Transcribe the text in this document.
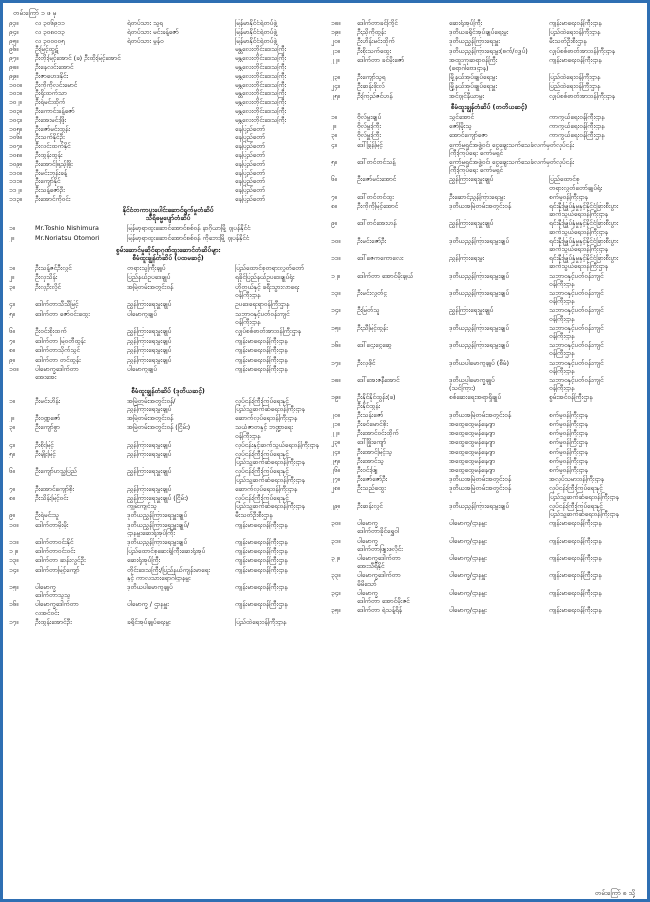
တမ်းကြော် ၁ ဖ မှ
၉၃။	လ ၃၀၆၉၁၁	ရဲတပ်သား သူရ	မြန်မာနိုင်ငံရဲတပ်ဖွဲ့
၉၄။	လ ၃၀၈၀၁၃	ရဲတပ်သား မင်းခန့်ဇော်	မြန်မာနိုင်ငံရဲတပ်ဖွဲ့
၉၅။	လ ၃၀၀၀၀၅	ရဲတပ်သား မွန်ဝ	မြန်မာနိုင်ငံရဲတပ်ဖွဲ့
၉၆။	ဦးမြင့်ထွဋ်	မန္တလေးတိုင်းဒေသကြီး
၉၇။	ဦးတိုးမြင့်အောင် (ခ) ဦးထိုးမြင့်အောင်	မန္တလေးတိုင်းဒေသကြီး
၉၈။	ဦးနေလင်းအောင်	မန္တလေးတိုင်းဒေသကြီး
၉၉။	ဦးဇာဟေဒနိုင်း	မန္တလေးတိုင်းဒေသကြီး
၁၀၀။	ဦးကိုကိုလင်းမောင်	မန္တလေးတိုင်းဒေသကြီး
၁၀၁။	ဦးရိုးထက်သာ	မန္တလေးတိုင်းဒေသကြီး
၁၀၂။	ဦးရဲမင်းထိုက်	မန္တလေးတိုင်းဒေသကြီး
၁၀၃။	ဦးကောင်းခန့်ဇော်	မန္တလေးတိုင်းဒေသကြီး
၁၀၄။	ဦးအေးမင်းဖြိုး	မန္တလေးတိုင်းဒေသကြီး
၁၀၅။	ဦးဇော်မင်းထွန်း	နေပြည်တော်
၁၀၆။	ဦးသက်နိုင်ဦး	နေပြည်တော်
၁၀၇။	ဦးလင်းထက်နိုင်	နေပြည်တော်
၁၀၈။	ဦးထွန်းထွန်း	နေပြည်တော်
၁၀၉။	ဦးအောင်ဖြည့်ဖြိုး	နေပြည်တော်
၁၁၀။	ဦးမင်းဘုန်းခန့်	နေပြည်တော်
၁၁၁။	ဦးကျော်နိုင်	နေပြည်တော်
၁၁၂။	ဦးသန့်ဇော်ဦး	နေပြည်တော်
၁၁၃။	ဦးအောင်ကိုဝင်း	နေပြည်တော်
နိုင်ငံတကာပူးပေါင်းဆောင်ရွက်မှုတံဆိပ်
သီရိဓမ္မပျော်တံဆိပ်
၁။	Mr.Toshio Nishimura	မြန်မာ့ရာထူးဆောင်အောင်စစ်ဝန် နာဂိုယာမြို့ ဂျပန်နိုင်ငံ
၂။	Mr.Noriatsu Otomori	မြန်မာ့ရာထူးဆောင်အောင်စစ်ဝန် ကိုဘေးမြို့ ဂျပန်နိုင်ငံ
စွမ်းဆောင်မှုဆိုင်ရာဂုဏ်ထူးဆောင်တံဆိပ်များ
စီမံထူးချွန်တံဆိပ် (ပထမဆင့်)
၁။	ဦးသန့်ဇင်ဦးလွင်	တရားသူကြီးချုပ်	ပြည်ထောင်စုတရားလွှတ်တော်
၂။	ဦးလှသိန်း	ပြည်နယ်ဥပဒေချုပ်	ရခိုင်ပြည်နယ်ဥပဒေချုပ်ရုံး
၃။	ဦးလှဦးလှိုင်	အမြဲတမ်းအတွင်းဝန်	ဟိုတယ်နှင့် ခရီးသွားလာရေး
ဝန်ကြီးဌာန
၄။	ဒေါက်တာသီသီမြင့်	ညွှန်ကြားရေးမှူးချုပ်	ဥပဒေရေးရာဝန်ကြီးဌာန
၅။	ဒေါက်တာ ဇော်ဝင်းထွေး	ပါမောက္ခချုပ်	သဘာဝနှင့်ပတ်ဝန်းကျင်
ဝန်ကြီးဌာန
၆။	ဦးဝင်းစိုးထက်	ညွှန်ကြားရေးမှူးချုပ်	လျှပ်စစ်ဓာတ်အားဝန်ကြီးဌာန
၇။	ဒေါက်တာ မြဝတီထွန်း	ညွှန်ကြားရေးမှူးချုပ်	ကျန်းမာရေးဝန်ကြီးဌာန
၈။	ဒေါက်တာသိုက်သွင်	ညွှန်ကြားရေးမှူးချုပ်	ကျန်းမာရေးဝန်ကြီးဌာန
၉။	ဒေါက်တာ တင်ထွန်း	ညွှန်ကြားရေးမှူးချုပ်	ကျန်းမာရေးဝန်ကြီးဌာန
၁၀။	ပါမောက္ခဒေါက်တာ
အေးအေး
ပါမောက္ခချုပ်	ကျန်းမာရေးဝန်ကြီးဌာန
စီမံထူးချွန်တံဆိပ် (ဒုတိယဆင့်)
၁။	ဦးမင်းဟိန်း	အမြဲတမ်းအတွင်းဝန်/
ညွှန်ကြားရေးမှူးချုပ်
လုပ်ငန်းကြီးကြပ်ရေးနှင့်
ပြည်သူ့ဆက်ဆံရေးဝန်ကြီးဌာန
၂။	ဦးဝဏ္ဏဇော်	အမြဲတမ်းအတွင်းဝန်	ဆောက်လုပ်ရေးဝန်ကြီးဌာန
၃။	ဦးကျော်စွာ	အမြဲတမ်းအတွင်းဝန် (ငြိမ်း)	သယံဇာတနှင့် ဘဏ္ဍာရေး
ဝန်ကြီးဌာန
၄။	ဦးစိုးမြင့်	ညွှန်ကြားရေးမှူးချုပ်	လုပ်ငန်းနှင့်ဆက်သွယ်ရေးဝန်ကြီးဌာန
၅။	ဦးမျိုးမြင့်	ညွှန်ကြားရေးမှူးချုပ်	လုပ်ငန်းကြီးကြပ်ရေးနှင့်
ပြည်သူ့ဆက်ဆံရေးဝန်ကြီးဌာန
၆။	ဦးကျော်ဟသ္သပြည်	ညွှန်ကြားရေးမှူးချုပ်	လုပ်ငန်းကြီးကြပ်ရေးနှင့်
ပြည်သူ့ဆက်ဆံရေးဝန်ကြီးဌာန
၇။	ဦးအောင်ကျော်စိုး	ညွှန်ကြားရေးမှူးချုပ်	ဆောက်လုပ်ရေးဝန်ကြီးဌာန
၈။	ဦးသိန်းမြင့်ဝင်း	ညွှန်ကြားရေးမှူးချုပ် (ငြိမ်း)
ကျွမ်းကျင်သူ
လုပ်ငန်းကြီးကြပ်ရေးနှင့်
ပြည်သူ့ဆက်ဆံရေးဝန်ကြီးဌာန
၉။	ဦးရဲမင်းသူ	ဒုတိယညွှန်ကြားရေးမှူးချုပ်	မီးသတ်ဦးစီးဌာန
၁၀။	ဒေါက်တာမိုးမိုး	ဒုတိယညွှန်ကြားရေးမှူးချုပ်/
ဌာနမှူးဆေးရုံအုပ်ကြီး
ကျန်းမာရေးဝန်ကြီးဌာန
၁၁။	ဒေါက်တာဝင်းနိုင်	ဒုတိယညွှန်ကြားရေးမှူးချုပ်	ကျန်းမာရေးဝန်ကြီးဌာန
၁၂။	ဒေါက်တာဝင်းဝင်း	ပြည်ထောင်စုဆေးရုံကြီးဆေးရုံအုပ်	ကျန်းမာရေးဝန်ကြီးဌာန
၁၃။	ဒေါက်တာ ဆန်းလွင်ဦး	ဆေးရုံအုပ်ကြီး	ကျန်းမာရေးဝန်ကြီးဌာန
၁၄။	ဒေါက်တာမြင့်ကျော်	တိုင်းဒေသကြီး/ပြည်နယ်ကျန်းမာရေး
နှင့် ကာလသားရောဂါဌာနမှူး
ကျန်းမာရေးဝန်ကြီးဌာန
၁၅။	ပါမောက္ခ
ဒေါက်တာသူသူ
ဒုတိယပါမောက္ခချုပ်	ကျန်းမာရေးဝန်ကြီးဌာန
၁၆။	ပါမောက္ခဒေါက်တာ
လအင်ဝင်း
ပါမောက္ခ / ဌာနမှူး	ကျန်းမာရေးဝန်ကြီးဌာန
၁၇။	ဦးထွန်းအောင်ဦး	ခရိုင်အုပ်ချုပ်ရေးမှူး	ပြည်ထဲရေးဝန်ကြီးဌာန
၁၈။	ဒေါက်တာခင်ကြိုင်	ဆေးရုံအုပ်ကြီး	ကျန်းမာရေးဝန်ကြီးဌာန
၁၉။	ဦးညိုကိုထွန်း	ဒုတိယခရိုင်အုပ်ချုပ်ရေးမှူး	ပြည်ထဲရေးဝန်ကြီးဌာန
၂၀။	ဦးဟိန်းမင်းထိုက်	ဒုတိယညွှန်ကြားရေးမှူး	မီးသတ်ဦးစီးဌာန
၂၁။	ဦးစိုးသက်ထွေး	ဒုတိယညွှန်ကြားရေးမှူး(စက်/လျှပ်)	လျှပ်စစ်ဓာတ်အားဝန်ကြီးဌာန
၂၂။	ဒေါက်တာ ခင်မိုးဇော်	အထူးကုဆရာဝန်ကြီး
(ရောဂါဗေဒဌာန)
ကျန်းမာရေးဝန်ကြီးဌာန
၂၃။	ဦးကျော်သူရ	မြို့နယ်အုပ်ချုပ်ရေးမှူး	ပြည်ထဲရေးဝန်ကြီးဌာန
၂၄။	ဦးဆန်းဖိုးလ်	မြို့နယ်အုပ်ချုပ်ရေးမှူး	ပြည်ထဲရေးဝန်ကြီးဌာန
၂၅။	ဦးကြည်ဇင်ဟန်	အင်ဂျင်နီယာမှူး	လျှပ်စစ်ဓာတ်အားဝန်ကြီးဌာန
စီမံထူးချွန်တံဆိပ် (တတိယဆင့်)
၁။	ဗိုလ်မှူးချုပ်	သွင်အောင်	ကာကွယ်ရေးဝန်ကြီးဌာန
၂။	ဗိုလ်မှူးကြီး	ဇော်မြိုးသူ	ကာကွယ်ရေးဝန်ကြီးဌာန
၃။	ဗိုလ်မှူးကြီး	အောင်ကျော်ဇော	ကာကွယ်ရေးဝန်ကြီးဌာန
၄။	ဒေါ်ခြွန်မြင့်	ကော်မရှင်အဖွဲ့ဝင်၊ ငွေချေးသက်သေခံလက်မှတ်လုပ်ငန်း
ကြီးကြပ်ရေး ကော်မရှင်
၅။	ဒေါ်တင်တင်သန့်	ကော်မရှင်အဖွဲ့ဝင်၊ ငွေချေးသက်သေခံလက်မှတ်လုပ်ငန်း
ကြီးကြပ်ရေး ကော်မရှင်
၆။	ဦးဇော်မင်းအောင်	ညွှန်ကြားရေးမှူးချုပ်	ပြည်ထောင်စု
တရားလွှတ်တော်ချုပ်ရုံး
၇။	ဒေါ်တင်တင်ထူး	ဦးဆောင်ညွှန်ကြားရေးမှူး	စက်မှုဝန်ကြီးဌာန
၈။	ဦးကိုကိုမြင့်အောင်	ဒုတိယအမြဲတမ်းအတွင်းဝန်	ရင်းနှီးမြှုပ်နှံမှုနှင့်နိုင်ငံခြားစီးပွား
ဆက်သွယ်ရေးဝန်ကြီးဌာန
၉။	ဒေါ်တင်အေးဟန်	ညွှန်ကြားရေးမှူးချုပ်	ရင်းနှီးမြှုပ်နှံမှုနှင့်နိုင်ငံခြားစီးပွား
ဆက်သွယ်ရေးဝန်ကြီးဌာန
၁၀။	ဦးမင်းဇော်ဦး	ဒုတိယညွှန်ကြားရေးမှူးချုပ်	ရင်းနှီးမြှုပ်နှံမှုနှင့်နိုင်ငံခြားစီးပွား
ဆက်သွယ်ရေးဝန်ကြီးဌာန
၁၁။	ဒေါ်ဇေကကောလေး	ညွှန်ကြားရေးမှူး	ရင်းနှီးမြှုပ်နှံမှုနှင့်နိုင်ငံခြားစီးပွား
ဆက်သွယ်ရေးဝန်ကြီးဌာန
၁၂။	ဒေါက်တာ အောင်မိုးချယ်	ဒုတိယညွှန်ကြားရေးမှူးချုပ်	သဘာဝနှင့်ပတ်ဝန်းကျင်
ဝန်ကြီးဌာန
၁၃။	ဦးမင်းလွှတ်ငွ	ဒုတိယညွှန်ကြားရေးမှူးချုပ်	သဘာဝနှင့်ပတ်ဝန်းကျင်
ဝန်ကြီးဌာန
၁၄။	ဦးမြတ်သူ	ညွှန်ကြားရေးမှူးချုပ်	သဘာဝနှင့်ပတ်ဝန်းကျင်
ဝန်ကြီးဌာန
၁၅။	ဦးညီမြင့်ထွန်း	ဒုတိယညွှန်ကြားရေးမှူးချုပ်	သဘာဝနှင့်ပတ်ဝန်းကျင်
ဝန်ကြီးဌာန
၁၆။	ဒေါ်ဌေးငွေဆွေ	ဒုတိယညွှန်ကြားရေးမှူးချုပ်	သဘာဝနှင့်ပတ်ဝန်းကျင်
ဝန်ကြီးဌာန
၁၇။	ဦးလှဖိုင်	ဒုတိယပါမောက္ခချုပ် (စီမံ)	သဘာဝနှင့်ပတ်ဝန်းကျင်
ဝန်ကြီးဌာန
၁၈။	ဒေါ်အေးဇနီအောင်	ဒုတိယပါမောက္ခချုပ်
(သင်ကြား)
သဘာဝနှင့်ပတ်ဝန်းကျင်
ဝန်ကြီးဌာန
၁၉။	ဦးနိုင်နိုင်ထွန်း(ခ)
ဦးနိုင်ထွန်း
စစ်ဆေးရေးအရာရှိချုပ်	စွမ်းအင်ဝန်ကြီးဌာန
၂၀။	ဦးသန်းဇော်	ဒုတိယအမြဲတမ်းအတွင်းဝန်	စက်မှုဝန်ကြီးဌာန
၂၁။	ဦးခင်မောင်စိုး	အထွေထွေမန်နေဂျာ	စက်မှုဝန်ကြီးဌာန
၂၂။	ဦးအောင်ဝင်းထိုက်	အထွေထွေမန်နေဂျာ	စက်မှုဝန်ကြီးဌာန
၂၃။	ဒေါ်ဖြိုးကျော်	အထွေထွေမန်နေဂျာ	စက်မှုဝန်ကြီးဌာန
၂၄။	ဦးအောင်မြင့်သူ	အထွေထွေမန်နေဂျာ	စက်မှုဝန်ကြီးဌာန
၂၅။	ဦးအောင်သူ	အထွေထွေမန်နေဂျာ	စက်မှုဝန်ကြီးဌာန
၂၆။	ဦးဝင်းဖြူ	အထွေထွေမန်နေဂျာ	စက်မှုဝန်ကြီးဌာန
၂၇။	ဦးဇော်ဇော်ဦး	ဒုတိယအမြဲတမ်းအတွင်းဝန်	အလုပ်သမားဝန်ကြီးဌာန
၂၈။	ဦးသည်ထွေး	ဒုတိယအမြဲတမ်းအတွင်းဝန်	လုပ်ငန်းကြီးကြပ်ရေးနှင့်
ပြည်သူ့ဆက်ဆံရေးဝန်ကြီးဌာန
၂၉။	ဦးဆန်းလွင်	ဒုတိယညွှန်ကြားရေးမှူးချုပ်	လုပ်ငန်းကြီးကြပ်ရေးနှင့်
ပြည်သူ့ဆက်ဆံရေးဝန်ကြီးဌာန
၃၀။	ပါမောက္ခ
ဒေါက်တာခိုင်ရွှေဝါ
ပါမောက္ခ/ဌာနမှူး	ကျန်းမာရေးဝန်ကြီးဌာန
၃၁။	ပါမောက္ခ
ဒေါက်တာဖြူးဖလိုင်း
ပါမောက္ခ/ဌာနမှူး	ကျန်းမာရေးဝန်ကြီးဌာန
၃၂။	ပါမောက္ခဒေါက်တာ
အေးသီရိနိုင်
ပါမောက္ခ/ဌာနမှူး	ကျန်းမာရေးဝန်ကြီးဌာန
၃၃။	ပါမောက္ခဒေါက်တာ
မိမိသော်
ပါမောက္ခ/ဌာနမှူး	ကျန်းမာရေးဝန်ကြီးဌာန
၃၄။	ပါမောက္ခ
ဒေါက်တာ အောင်မိုးဇင်
ပါမောက္ခ/ဌာနမှူး	ကျန်းမာရေးဝန်ကြီးဌာန
၃၅။	ဒေါက်တာ ရဲသန့်ရိန်	ပါမောက္ခ/ဌာနမှူး	ကျန်းမာရေးဝန်ကြီးဌာန
တမ်းကြော် ၈ သို့
